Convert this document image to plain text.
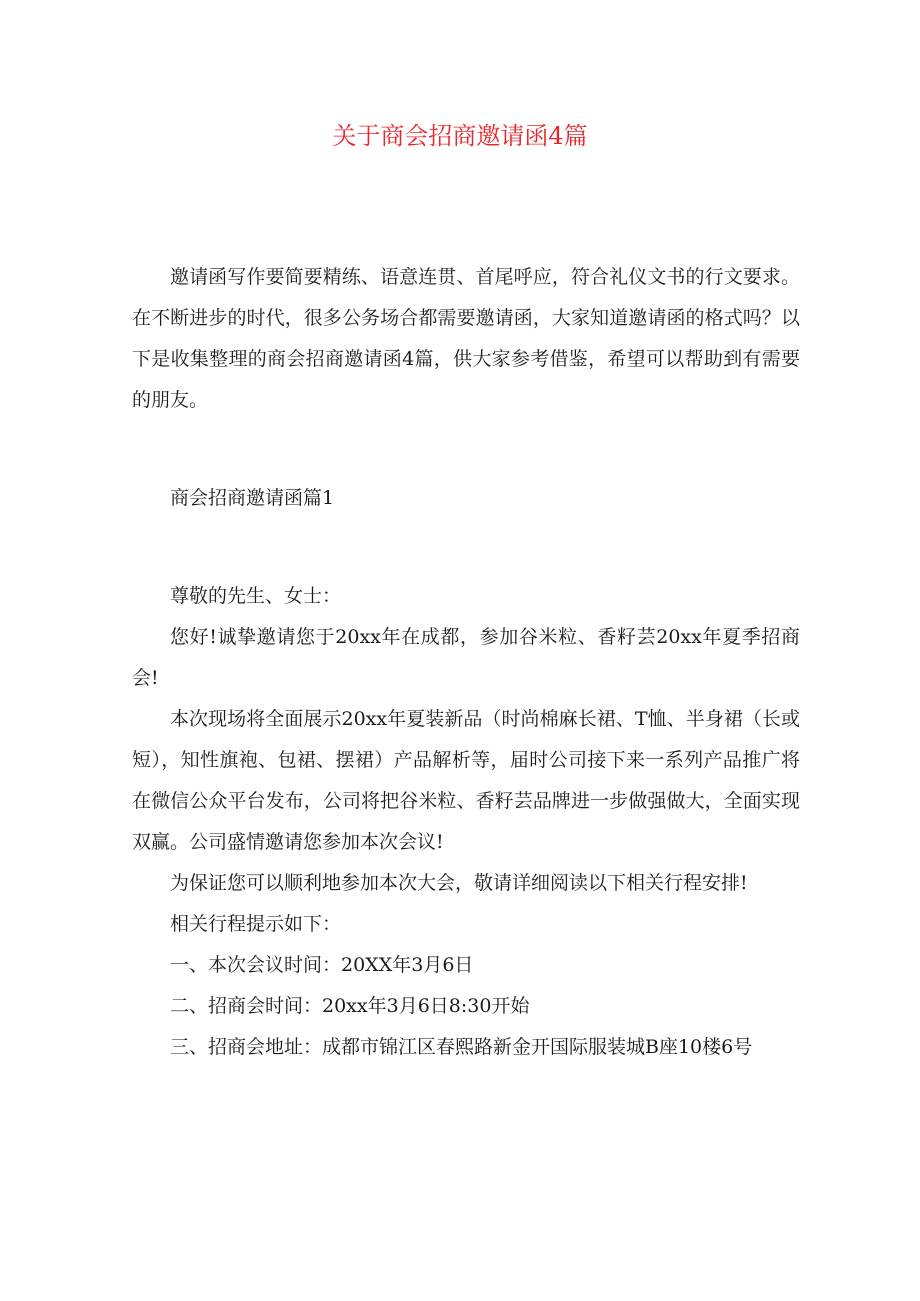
关于商会招商邀请函4篇

邀请函写作要简要精练、语意连贯、首尾呼应，符合礼仪文书的行文要求。在不断进步的时代，很多公务场合都需要邀请函，大家知道邀请函的格式吗？以下是收集整理的商会招商邀请函4篇，供大家参考借鉴，希望可以帮助到有需要的朋友。

商会招商邀请函篇1

尊敬的先生、女士：

您好!诚挚邀请您于20xx年在成都，参加谷米粒、香籽芸20xx年夏季招商会!

本次现场将全面展示20xx年夏装新品（时尚棉麻长裙、T恤、半身裙（长或短），知性旗袍、包裙、摆裙）产品解析等，届时公司接下来一系列产品推广将在微信公众平台发布，公司将把谷米粒、香籽芸品牌进一步做强做大，全面实现双赢。公司盛情邀请您参加本次会议!

为保证您可以顺利地参加本次大会，敬请详细阅读以下相关行程安排!

相关行程提示如下：

一、本次会议时间：20XX年3月6日

二、招商会时间：20xx年3月6日8:30开始

三、招商会地址：成都市锦江区春熙路新金开国际服装城B座10楼6号
